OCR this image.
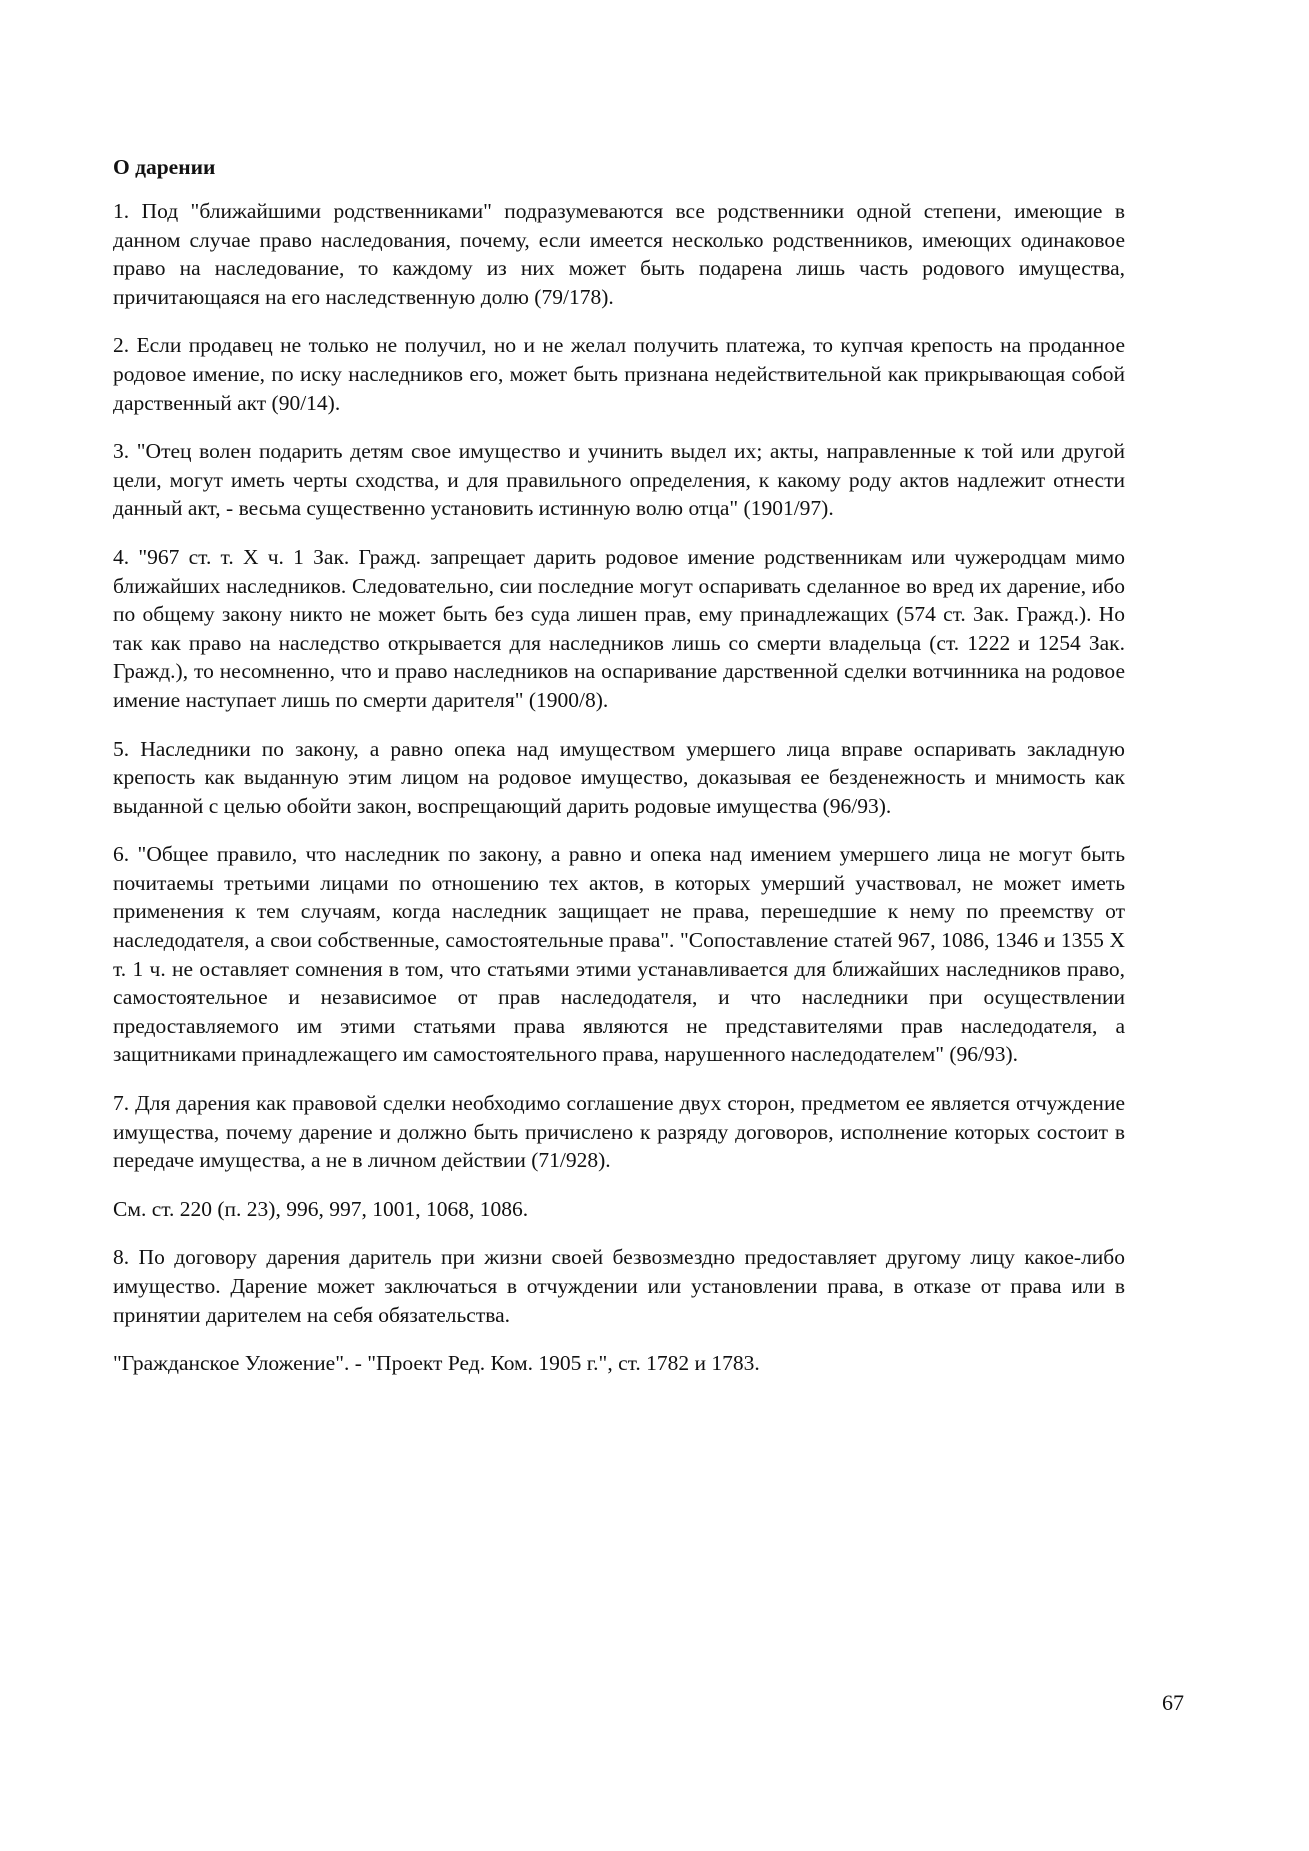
О дарении

1. Под "ближайшими родственниками" подразумеваются все родственники одной степени, имеющие в данном случае право наследования, почему, если имеется несколько родственников, имеющих одинаковое право на наследование, то каждому из них может быть подарена лишь часть родового имущества, причитающаяся на его наследственную долю (79/178).

2. Если продавец не только не получил, но и не желал получить платежа, то купчая крепость на проданное родовое имение, по иску наследников его, может быть признана недействительной как прикрывающая собой дарственный акт (90/14).

3. "Отец волен подарить детям свое имущество и учинить выдел их; акты, направленные к той или другой цели, могут иметь черты сходства, и для правильного определения, к какому роду актов надлежит отнести данный акт, - весьма существенно установить истинную волю отца" (1901/97).

4. "967 ст. т. X ч. 1 Зак. Гражд. запрещает дарить родовое имение родственникам или чужеродцам мимо ближайших наследников. Следовательно, сии последние могут оспаривать сделанное во вред их дарение, ибо по общему закону никто не может быть без суда лишен прав, ему принадлежащих (574 ст. Зак. Гражд.). Но так как право на наследство открывается для наследников лишь со смерти владельца (ст. 1222 и 1254 Зак. Гражд.), то несомненно, что и право наследников на оспаривание дарственной сделки вотчинника на родовое имение наступает лишь по смерти дарителя" (1900/8).

5. Наследники по закону, а равно опека над имуществом умершего лица вправе оспаривать закладную крепость как выданную этим лицом на родовое имущество, доказывая ее безденежность и мнимость как выданной с целью обойти закон, воспрещающий дарить родовые имущества (96/93).

6. "Общее правило, что наследник по закону, а равно и опека над имением умершего лица не могут быть почитаемы третьими лицами по отношению тех актов, в которых умерший участвовал, не может иметь применения к тем случаям, когда наследник защищает не права, перешедшие к нему по преемству от наследодателя, а свои собственные, самостоятельные права". "Сопоставление статей 967, 1086, 1346 и 1355 X т. 1 ч. не оставляет сомнения в том, что статьями этими устанавливается для ближайших наследников право, самостоятельное и независимое от прав наследодателя, и что наследники при осуществлении предоставляемого им этими статьями права являются не представителями прав наследодателя, а защитниками принадлежащего им самостоятельного права, нарушенного наследодателем" (96/93).

7. Для дарения как правовой сделки необходимо соглашение двух сторон, предметом ее является отчуждение имущества, почему дарение и должно быть причислено к разряду договоров, исполнение которых состоит в передаче имущества, а не в личном действии (71/928).

См. ст. 220 (п. 23), 996, 997, 1001, 1068, 1086.

8. По договору дарения даритель при жизни своей безвозмездно предоставляет другому лицу какое-либо имущество. Дарение может заключаться в отчуждении или установлении права, в отказе от права или в принятии дарителем на себя обязательства.

"Гражданское Уложение". - "Проект Ред. Ком. 1905 г.", ст. 1782 и 1783.

67
